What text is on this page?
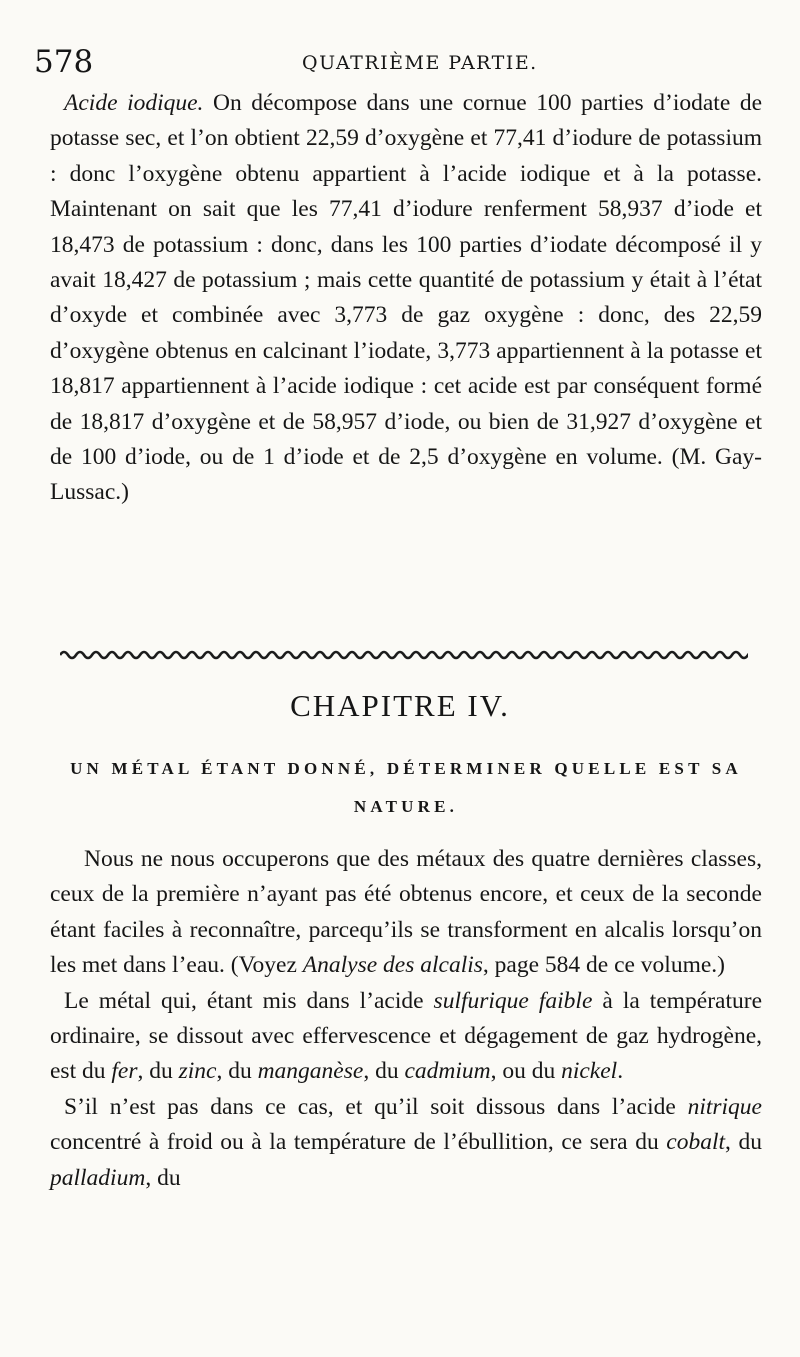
578	QUATRIÈME PARTIE.

Acide iodique. On décompose dans une cornue 100 parties d’iodate de potasse sec, et l’on obtient 22,59 d’oxygène et 77,41 d’iodure de potassium : donc l’oxygène obtenu appartient à l’acide iodique et à la potasse. Maintenant on sait que les 77,41 d’iodure renferment 58,937 d’iode et 18,473 de potassium : donc, dans les 100 parties d’iodate décomposé il y avait 18,427 de potassium ; mais cette quantité de potassium y était à l’état d’oxyde et combinée avec 3,773 de gaz oxygène : donc, des 22,59 d’oxygène obtenus en calcinant l’iodate, 3,773 appartiennent à la potasse et 18,817 appartiennent à l’acide iodique : cet acide est par conséquent formé de 18,817 d’oxygène et de 58,957 d’iode, ou bien de 31,927 d’oxygène et de 100 d’iode, ou de 1 d’iode et de 2,5 d’oxygène en volume. (M. Gay-Lussac.)

CHAPITRE IV.
UN MÉTAL ÉTANT DONNÉ, DÉTERMINER QUELLE EST SA NATURE.

Nous ne nous occuperons que des métaux des quatre dernières classes, ceux de la première n’ayant pas été obtenus encore, et ceux de la seconde étant faciles à reconnaître, parcequ’ils se transforment en alcalis lorsqu’on les met dans l’eau. (Voyez Analyse des alcalis, page 584 de ce volume.)

Le métal qui, étant mis dans l’acide sulfurique faible à la température ordinaire, se dissout avec effervescence et dégagement de gaz hydrogène, est du fer, du zinc, du manganèse, du cadmium, ou du nickel.

S’il n’est pas dans ce cas, et qu’il soit dissous dans l’acide nitrique concentré à froid ou à la température de l’ébullition, ce sera du cobalt, du palladium, du
